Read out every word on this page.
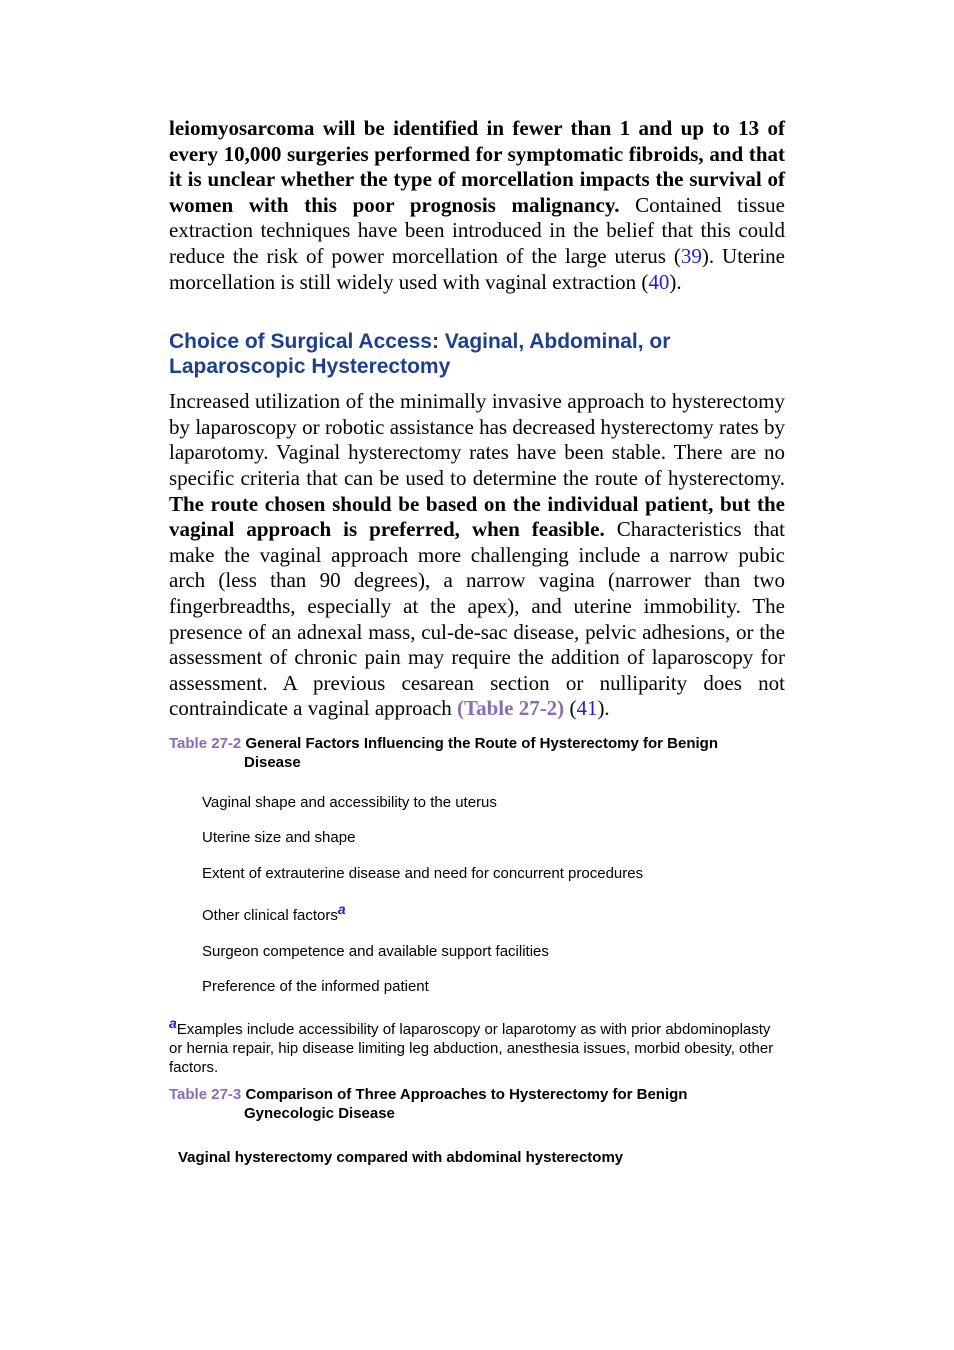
leiomyosarcoma will be identified in fewer than 1 and up to 13 of every 10,000 surgeries performed for symptomatic fibroids, and that it is unclear whether the type of morcellation impacts the survival of women with this poor prognosis malignancy. Contained tissue extraction techniques have been introduced in the belief that this could reduce the risk of power morcellation of the large uterus (39). Uterine morcellation is still widely used with vaginal extraction (40).

Choice of Surgical Access: Vaginal, Abdominal, or Laparoscopic Hysterectomy

Increased utilization of the minimally invasive approach to hysterectomy by laparoscopy or robotic assistance has decreased hysterectomy rates by laparotomy. Vaginal hysterectomy rates have been stable. There are no specific criteria that can be used to determine the route of hysterectomy. The route chosen should be based on the individual patient, but the vaginal approach is preferred, when feasible. Characteristics that make the vaginal approach more challenging include a narrow pubic arch (less than 90 degrees), a narrow vagina (narrower than two fingerbreadths, especially at the apex), and uterine immobility. The presence of an adnexal mass, cul-de-sac disease, pelvic adhesions, or the assessment of chronic pain may require the addition of laparoscopy for assessment. A previous cesarean section or nulliparity does not contraindicate a vaginal approach (Table 27-2) (41).

Table 27-2 General Factors Influencing the Route of Hysterectomy for Benign
Disease

Vaginal shape and accessibility to the uterus
Uterine size and shape
Extent of extrauterine disease and need for concurrent procedures
Other clinical factors$^a$
Surgeon competence and available support facilities
Preference of the informed patient

$^a$Examples include accessibility of laparoscopy or laparotomy as with prior abdominoplasty or hernia repair, hip disease limiting leg abduction, anesthesia issues, morbid obesity, other factors.

Table 27-3 Comparison of Three Approaches to Hysterectomy for Benign
Gynecologic Disease

Vaginal hysterectomy compared with abdominal hysterectomy
